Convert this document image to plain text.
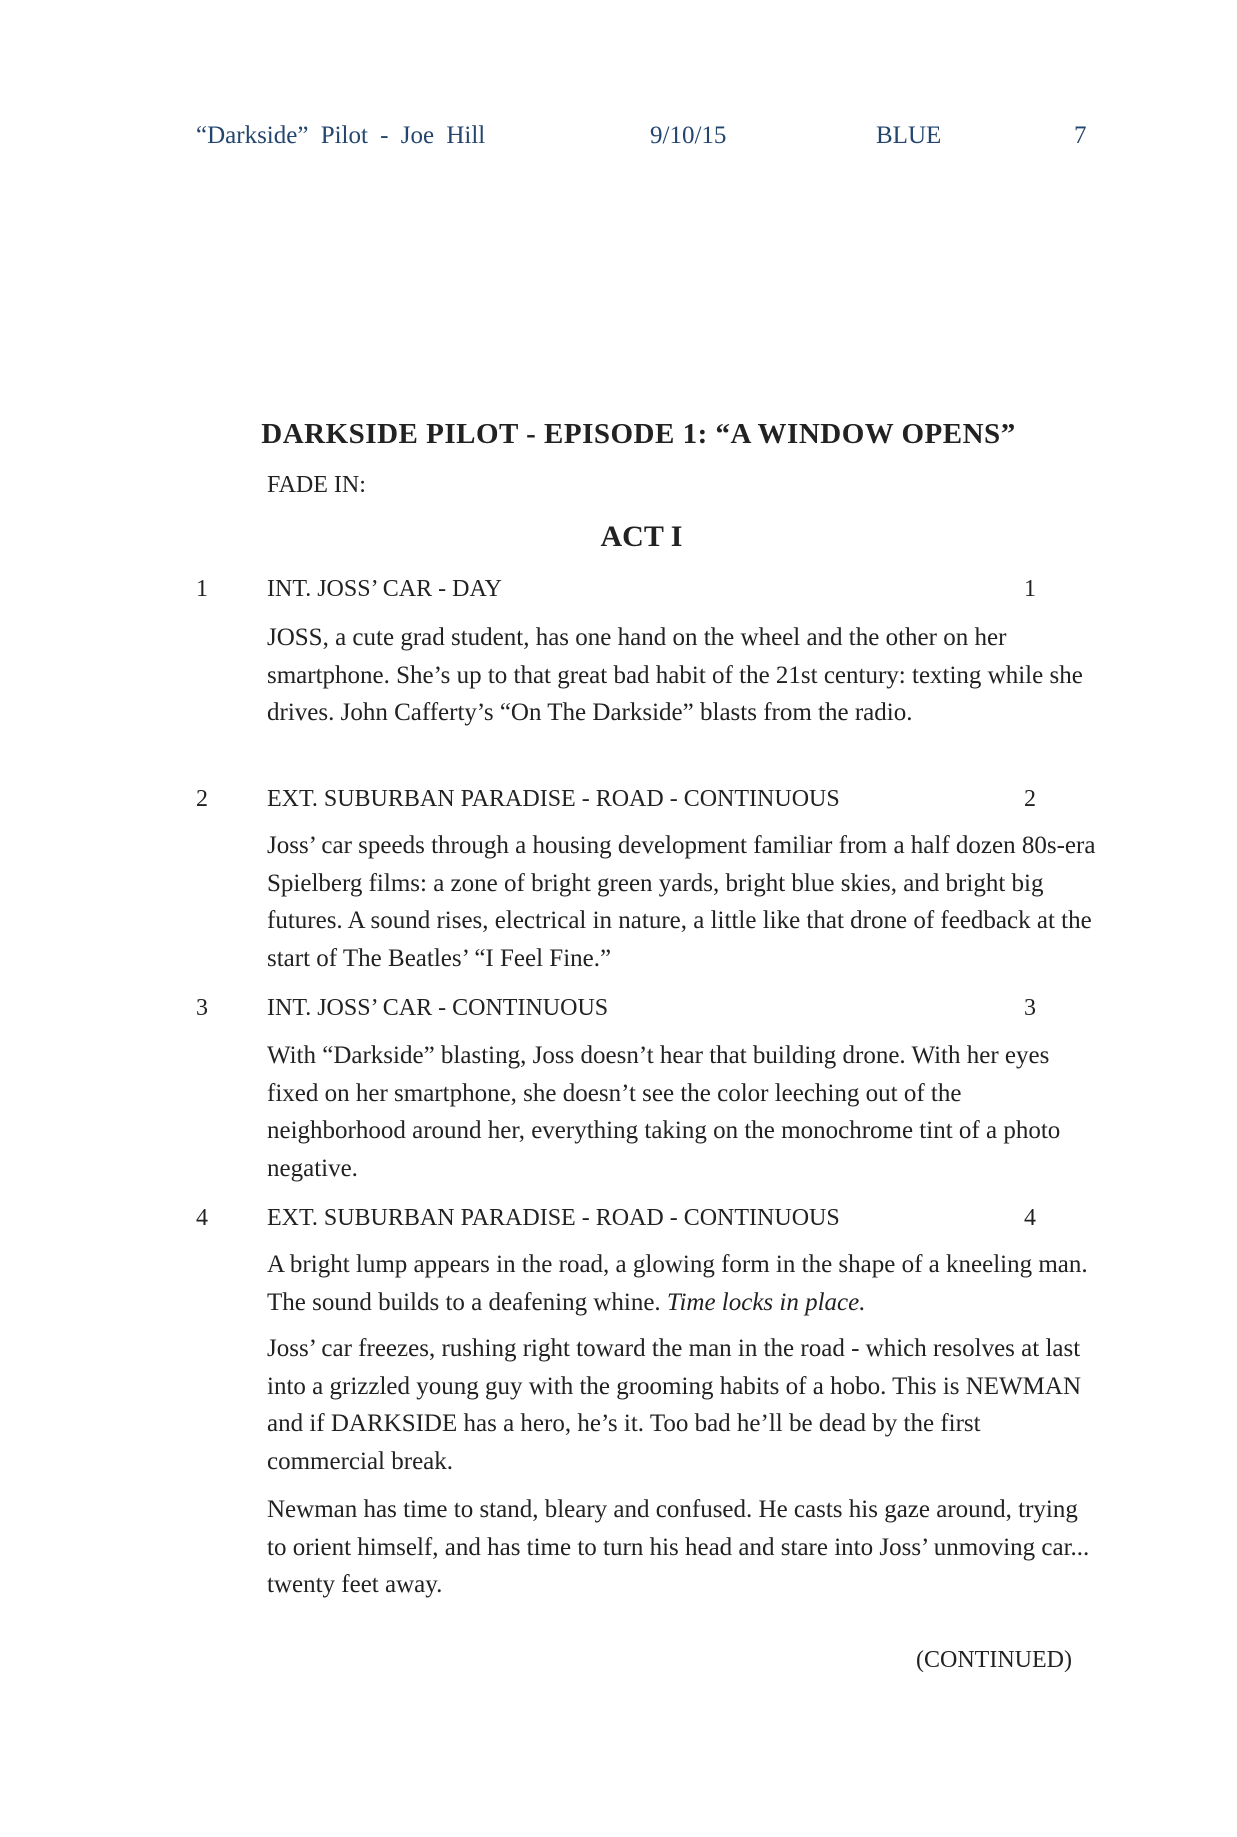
“Darkside” Pilot - Joe Hill	9/10/15	BLUE	7
DARKSIDE PILOT - EPISODE 1: “A WINDOW OPENS”
FADE IN:
ACT I
1 INT. JOSS’ CAR - DAY	1
JOSS, a cute grad student, has one hand on the wheel and the other on her smartphone. She’s up to that great bad habit of the 21st century: texting while she drives. John Cafferty’s “On The Darkside” blasts from the radio.
2 EXT. SUBURBAN PARADISE - ROAD - CONTINUOUS	2
Joss’ car speeds through a housing development familiar from a half dozen 80s-era Spielberg films: a zone of bright green yards, bright blue skies, and bright big futures. A sound rises, electrical in nature, a little like that drone of feedback at the start of The Beatles’ “I Feel Fine.”
3 INT. JOSS’ CAR - CONTINUOUS	3
With “Darkside” blasting, Joss doesn’t hear that building drone. With her eyes fixed on her smartphone, she doesn’t see the color leeching out of the neighborhood around her, everything taking on the monochrome tint of a photo negative.
4 EXT. SUBURBAN PARADISE - ROAD - CONTINUOUS	4
A bright lump appears in the road, a glowing form in the shape of a kneeling man. The sound builds to a deafening whine. Time locks in place.
Joss’ car freezes, rushing right toward the man in the road - which resolves at last into a grizzled young guy with the grooming habits of a hobo. This is NEWMAN and if DARKSIDE has a hero, he’s it. Too bad he’ll be dead by the first commercial break.
Newman has time to stand, bleary and confused. He casts his gaze around, trying to orient himself, and has time to turn his head and stare into Joss’ unmoving car... twenty feet away.
(CONTINUED)
